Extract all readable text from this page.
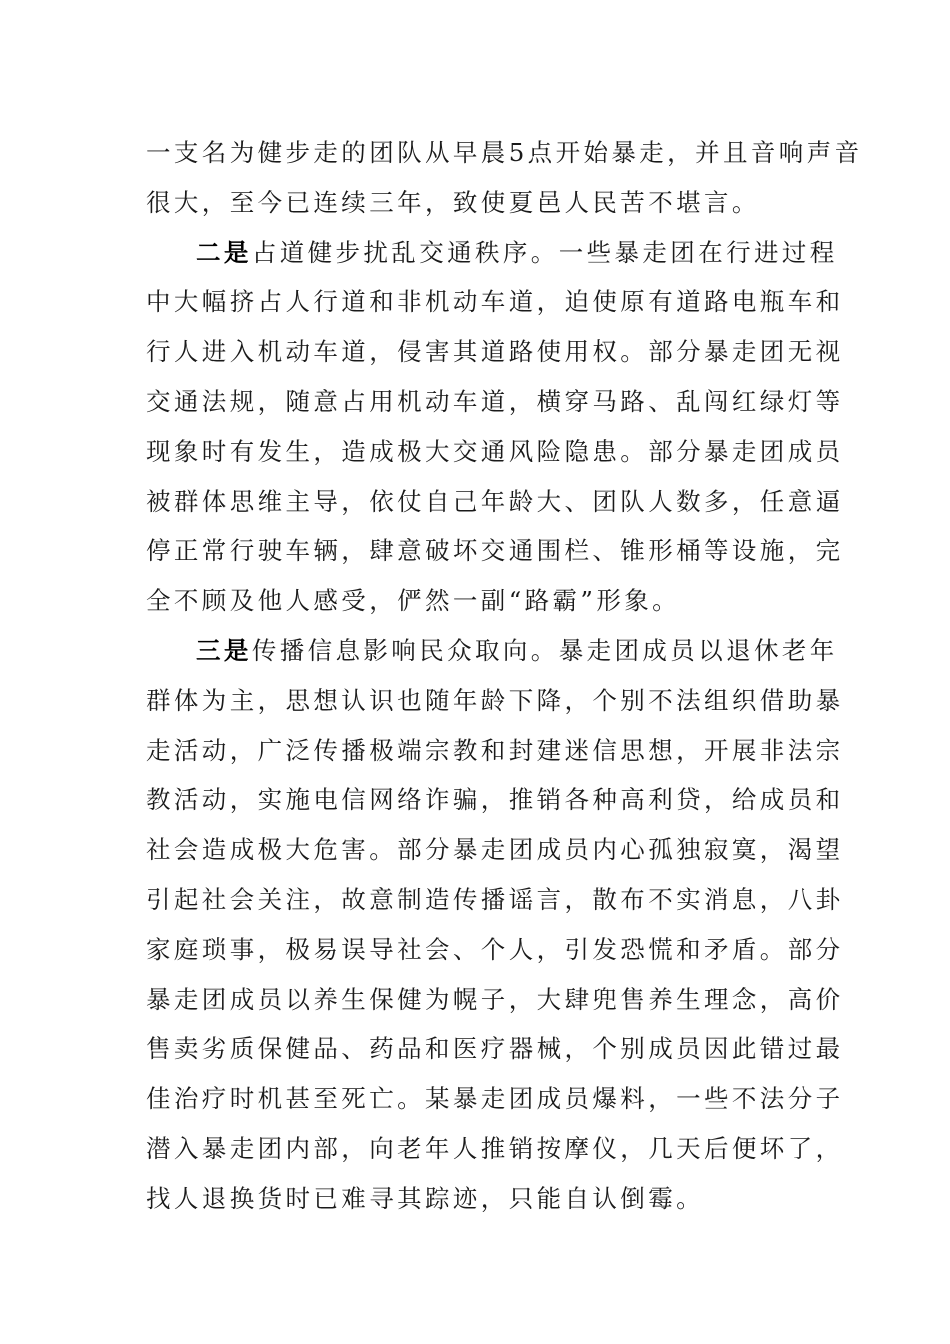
一支名为健步走的团队从早晨5点开始暴走，并且音响声音
很大，至今已连续三年，致使夏邑人民苦不堪言。
二是占道健步扰乱交通秩序。一些暴走团在行进过程
中大幅挤占人行道和非机动车道，迫使原有道路电瓶车和
行人进入机动车道，侵害其道路使用权。部分暴走团无视
交通法规，随意占用机动车道，横穿马路、乱闯红绿灯等
现象时有发生，造成极大交通风险隐患。部分暴走团成员
被群体思维主导，依仗自己年龄大、团队人数多，任意逼
停正常行驶车辆，肆意破坏交通围栏、锥形桶等设施，完
全不顾及他人感受，俨然一副“路霸”形象。
三是传播信息影响民众取向。暴走团成员以退休老年
群体为主，思想认识也随年龄下降，个别不法组织借助暴
走活动，广泛传播极端宗教和封建迷信思想，开展非法宗
教活动，实施电信网络诈骗，推销各种高利贷，给成员和
社会造成极大危害。部分暴走团成员内心孤独寂寞，渴望
引起社会关注，故意制造传播谣言，散布不实消息，八卦
家庭琐事，极易误导社会、个人，引发恐慌和矛盾。部分
暴走团成员以养生保健为幌子，大肆兜售养生理念，高价
售卖劣质保健品、药品和医疗器械，个别成员因此错过最
佳治疗时机甚至死亡。某暴走团成员爆料，一些不法分子
潜入暴走团内部，向老年人推销按摩仪，几天后便坏了，
找人退换货时已难寻其踪迹，只能自认倒霉。
